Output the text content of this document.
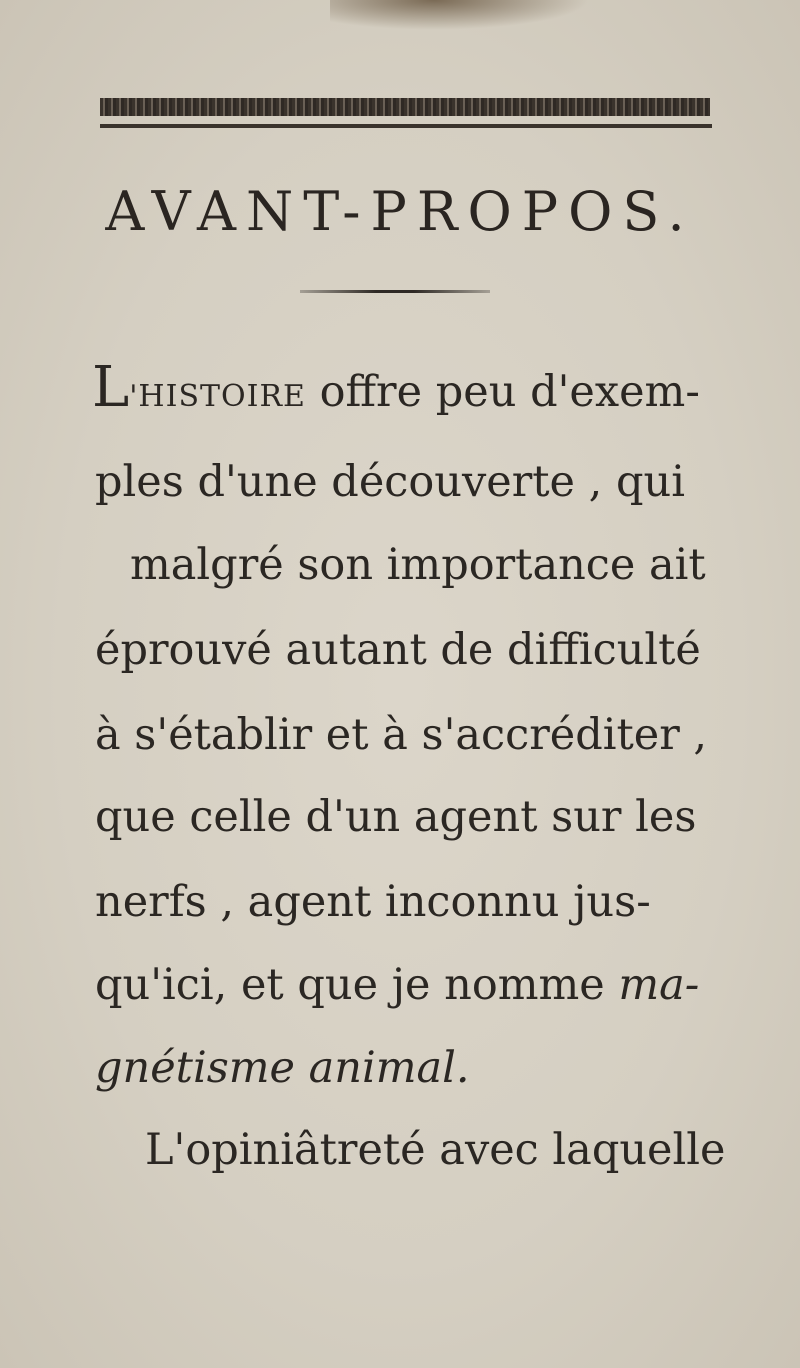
AVANT-PROPOS.
L'HISTOIRE offre peu d'exem-
ples d'une découverte , qui
malgré son importance ait
éprouvé autant de difficulté
à s'établir et à s'accréditer ,
que celle d'un agent sur les
nerfs , agent inconnu jus-
qu'ici, et que je nomme ma-
gnétisme animal.
L'opiniâtreté avec laquelle
